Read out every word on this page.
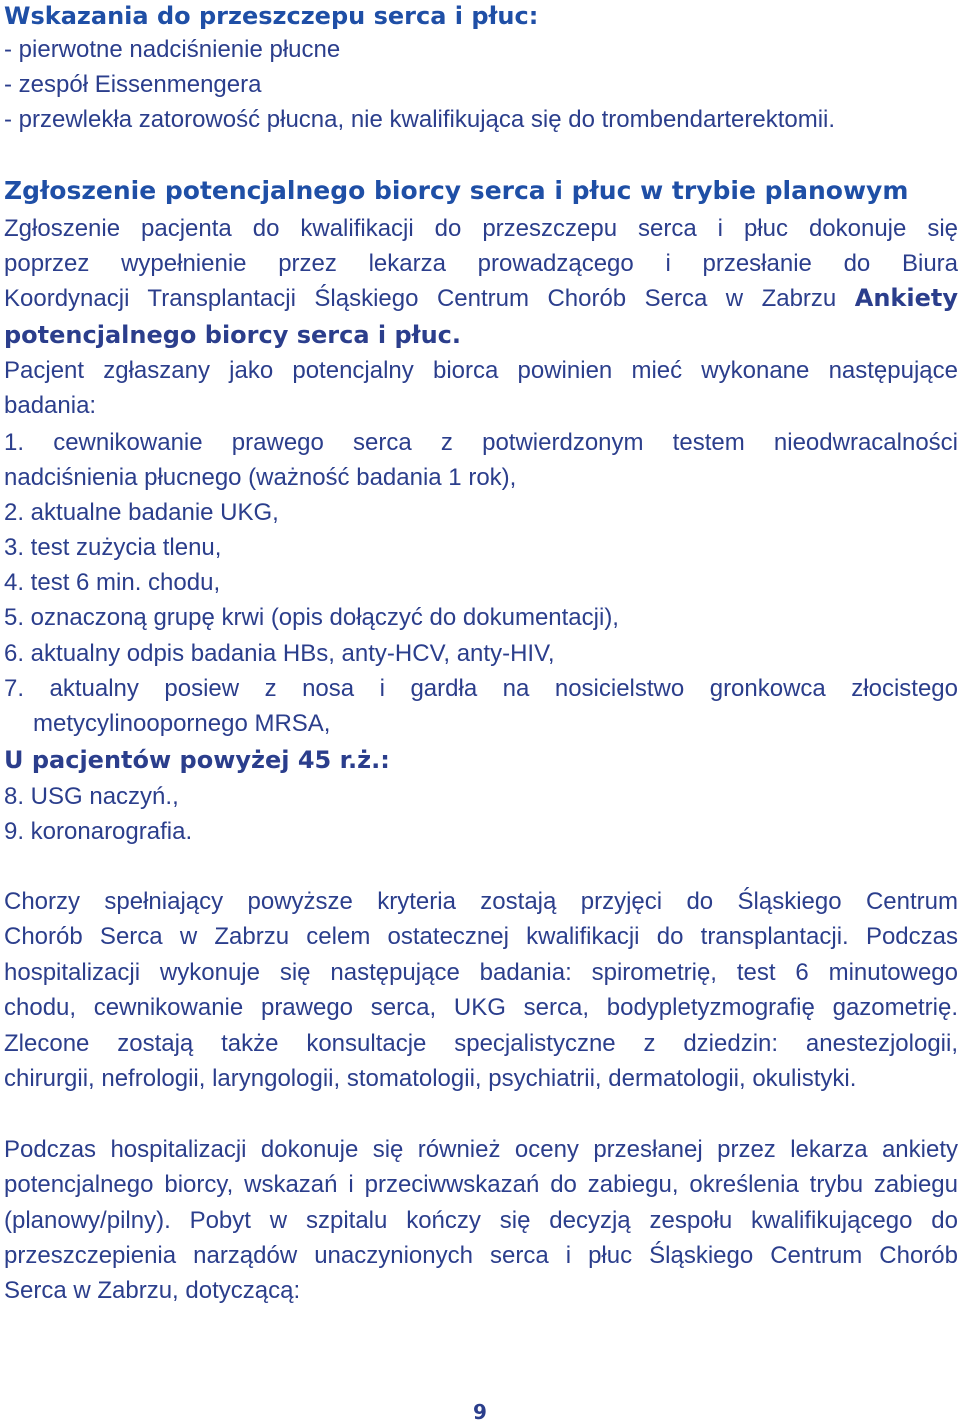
Wskazania do przeszczepu serca i płuc:
- pierwotne nadciśnienie płucne
- zespół Eissenmengera
- przewlekła zatorowość płucna, nie kwalifikująca się do trombendarterektomii.
Zgłoszenie potencjalnego biorcy serca i płuc w trybie planowym
Zgłoszenie pacjenta do kwalifikacji do przeszczepu serca i płuc dokonuje się
poprzez wypełnienie przez lekarza prowadzącego i przesłanie do Biura
Koordynacji Transplantacji Śląskiego Centrum Chorób Serca w Zabrzu Ankiety
potencjalnego biorcy serca i płuc.
Pacjent zgłaszany jako potencjalny biorca powinien mieć wykonane następujące
badania:
1. cewnikowanie prawego serca z potwierdzonym testem nieodwracalności
nadciśnienia płucnego (ważność badania 1 rok),
2. aktualne badanie UKG,
3. test zużycia tlenu,
4. test 6 min. chodu,
5. oznaczoną grupę krwi (opis dołączyć do dokumentacji),
6. aktualny odpis badania HBs, anty-HCV, anty-HIV,
7. aktualny posiew z nosa i gardła na nosicielstwo gronkowca złocistego
metycylinoopornego MRSA,
U pacjentów powyżej 45 r.ż.:
8. USG naczyń.,
9. koronarografia.
Chorzy spełniający powyższe kryteria zostają przyjęci do Śląskiego Centrum
Chorób Serca w Zabrzu celem ostatecznej kwalifikacji do transplantacji. Podczas
hospitalizacji wykonuje się następujące badania: spirometrię, test 6 minutowego
chodu, cewnikowanie prawego serca, UKG serca, bodypletyzmografię gazometrię.
Zlecone zostają także konsultacje specjalistyczne z dziedzin: anestezjologii,
chirurgii, nefrologii, laryngologii, stomatologii, psychiatrii, dermatologii, okulistyki.
Podczas hospitalizacji dokonuje się również oceny przesłanej przez lekarza ankiety
potencjalnego biorcy, wskazań i przeciwwskazań do zabiegu, określenia trybu zabiegu
(planowy/pilny). Pobyt w szpitalu kończy się decyzją zespołu kwalifikującego do
przeszczepienia narządów unaczynionych serca i płuc Śląskiego Centrum Chorób
Serca w Zabrzu, dotyczącą:
9
